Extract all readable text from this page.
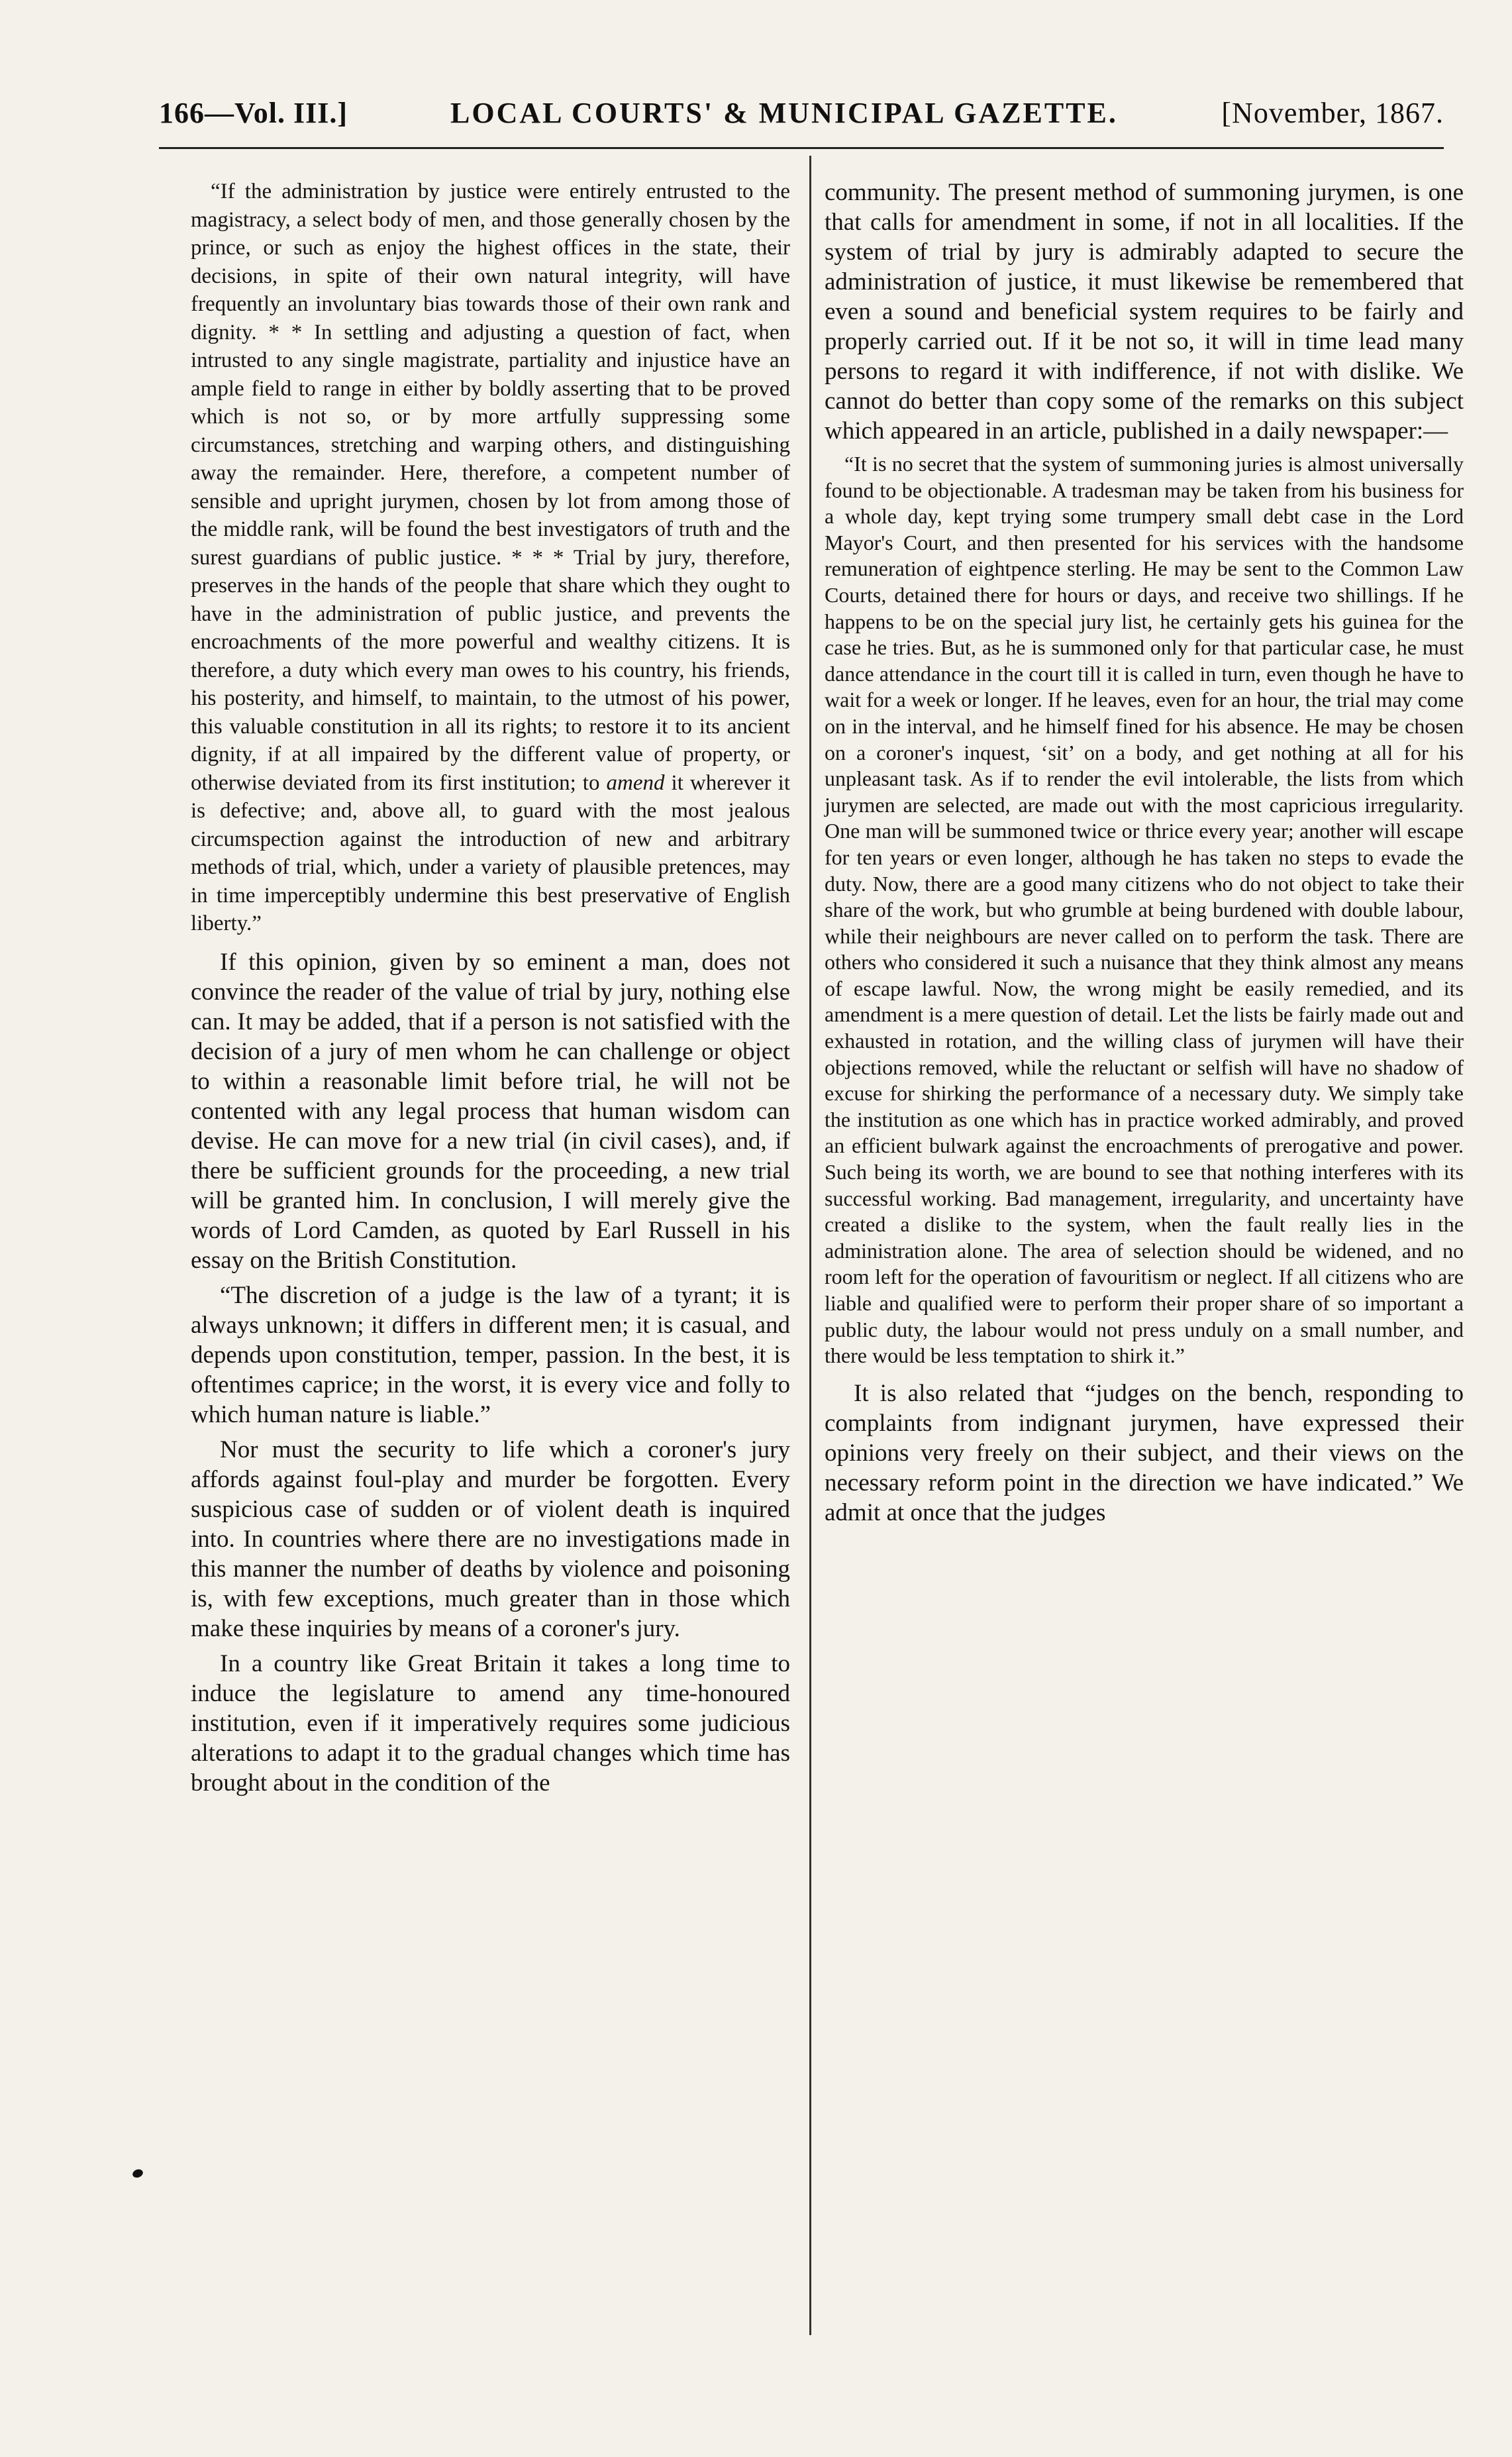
166—Vol. III.]	LOCAL COURTS' & MUNICIPAL GAZETTE.	[November, 1867.

“If the administration by justice were entirely entrusted to the magistracy, a select body of men, and those generally chosen by the prince, or such as enjoy the highest offices in the state, their decisions, in spite of their own natural integrity, will have frequently an involuntary bias towards those of their own rank and dignity. * * In settling and adjusting a question of fact, when intrusted to any single magistrate, partiality and injustice have an ample field to range in either by boldly asserting that to be proved which is not so, or by more artfully suppressing some circumstances, stretching and warping others, and distinguishing away the remainder. Here, therefore, a competent number of sensible and upright jurymen, chosen by lot from among those of the middle rank, will be found the best investigators of truth and the surest guardians of public justice. * * * Trial by jury, therefore, preserves in the hands of the people that share which they ought to have in the administration of public justice, and prevents the encroachments of the more powerful and wealthy citizens. It is therefore, a duty which every man owes to his country, his friends, his posterity, and himself, to maintain, to the utmost of his power, this valuable constitution in all its rights; to restore it to its ancient dignity, if at all impaired by the different value of property, or otherwise deviated from its first institution; to amend it wherever it is defective; and, above all, to guard with the most jealous circumspection against the introduction of new and arbitrary methods of trial, which, under a variety of plausible pretences, may in time imperceptibly undermine this best preservative of English liberty.”

If this opinion, given by so eminent a man, does not convince the reader of the value of trial by jury, nothing else can. It may be added, that if a person is not satisfied with the decision of a jury of men whom he can challenge or object to within a reasonable limit before trial, he will not be contented with any legal process that human wisdom can devise. He can move for a new trial (in civil cases), and, if there be sufficient grounds for the proceeding, a new trial will be granted him. In conclusion, I will merely give the words of Lord Camden, as quoted by Earl Russell in his essay on the British Constitution.

“The discretion of a judge is the law of a tyrant; it is always unknown; it differs in different men; it is casual, and depends upon constitution, temper, passion. In the best, it is oftentimes caprice; in the worst, it is every vice and folly to which human nature is liable.”

Nor must the security to life which a coroner's jury affords against foul-play and murder be forgotten. Every suspicious case of sudden or of violent death is inquired into. In countries where there are no investigations made in this manner the number of deaths by violence and poisoning is, with few exceptions, much greater than in those which make these inquiries by means of a coroner's jury.

In a country like Great Britain it takes a long time to induce the legislature to amend any time-honoured institution, even if it imperatively requires some judicious alterations to adapt it to the gradual changes which time has brought about in the condition of the

community. The present method of summoning jurymen, is one that calls for amendment in some, if not in all localities. If the system of trial by jury is admirably adapted to secure the administration of justice, it must likewise be remembered that even a sound and beneficial system requires to be fairly and properly carried out. If it be not so, it will in time lead many persons to regard it with indifference, if not with dislike. We cannot do better than copy some of the remarks on this subject which appeared in an article, published in a daily newspaper:—

“It is no secret that the system of summoning juries is almost universally found to be objectionable. A tradesman may be taken from his business for a whole day, kept trying some trumpery small debt case in the Lord Mayor's Court, and then presented for his services with the handsome remuneration of eightpence sterling. He may be sent to the Common Law Courts, detained there for hours or days, and receive two shillings. If he happens to be on the special jury list, he certainly gets his guinea for the case he tries. But, as he is summoned only for that particular case, he must dance attendance in the court till it is called in turn, even though he have to wait for a week or longer. If he leaves, even for an hour, the trial may come on in the interval, and he himself fined for his absence. He may be chosen on a coroner's inquest, ‘sit’ on a body, and get nothing at all for his unpleasant task. As if to render the evil intolerable, the lists from which jurymen are selected, are made out with the most capricious irregularity. One man will be summoned twice or thrice every year; another will escape for ten years or even longer, although he has taken no steps to evade the duty. Now, there are a good many citizens who do not object to take their share of the work, but who grumble at being burdened with double labour, while their neighbours are never called on to perform the task. There are others who considered it such a nuisance that they think almost any means of escape lawful. Now, the wrong might be easily remedied, and its amendment is a mere question of detail. Let the lists be fairly made out and exhausted in rotation, and the willing class of jurymen will have their objections removed, while the reluctant or selfish will have no shadow of excuse for shirking the performance of a necessary duty. We simply take the institution as one which has in practice worked admirably, and proved an efficient bulwark against the encroachments of prerogative and power. Such being its worth, we are bound to see that nothing interferes with its successful working. Bad management, irregularity, and uncertainty have created a dislike to the system, when the fault really lies in the administration alone. The area of selection should be widened, and no room left for the operation of favouritism or neglect. If all citizens who are liable and qualified were to perform their proper share of so important a public duty, the labour would not press unduly on a small number, and there would be less temptation to shirk it.”

It is also related that “judges on the bench, responding to complaints from indignant jurymen, have expressed their opinions very freely on their subject, and their views on the necessary reform point in the direction we have indicated.” We admit at once that the judges
